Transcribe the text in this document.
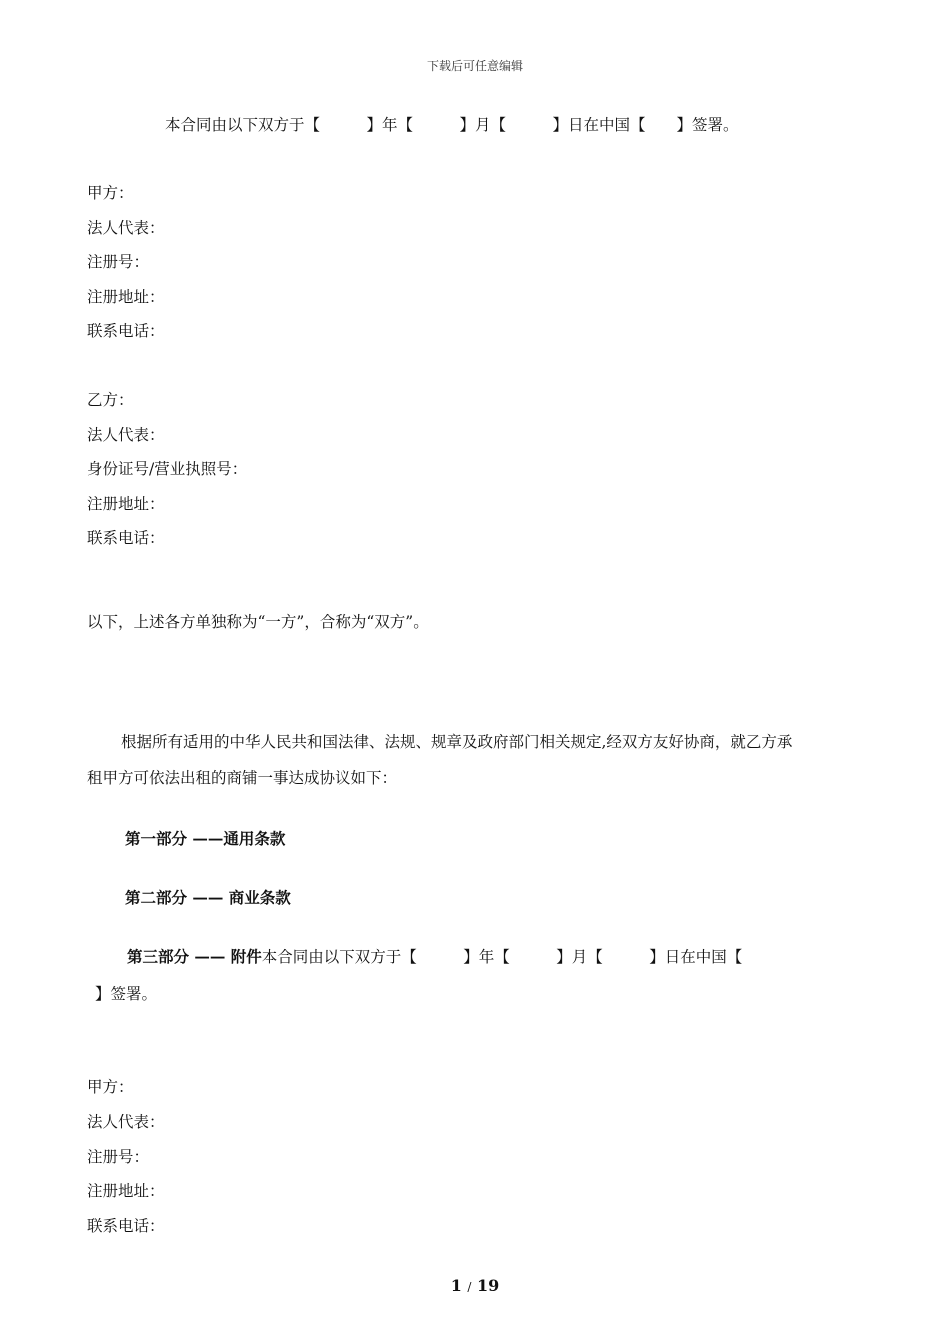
下载后可任意编辑
本合同由以下双方于【　　　】年【　　　】月【　　　】日在中国【　　】签署。
甲方：
法人代表：
注册号：
注册地址：
联系电话：
乙方：
法人代表：
身份证号/营业执照号：
注册地址：
联系电话：
以下，上述各方单独称为“一方”，合称为“双方”。
根据所有适用的中华人民共和国法律、法规、规章及政府部门相关规定,经双方友好协商，就乙方承
租甲方可依法出租的商铺一事达成协议如下：
第一部分 ——通用条款
第二部分 —— 商业条款
第三部分 —— 附件本合同由以下双方于【　　　】年【　　　】月【　　　】日在中国【
】签署。
甲方：
法人代表：
注册号：
注册地址：
联系电话：
1 / 19
